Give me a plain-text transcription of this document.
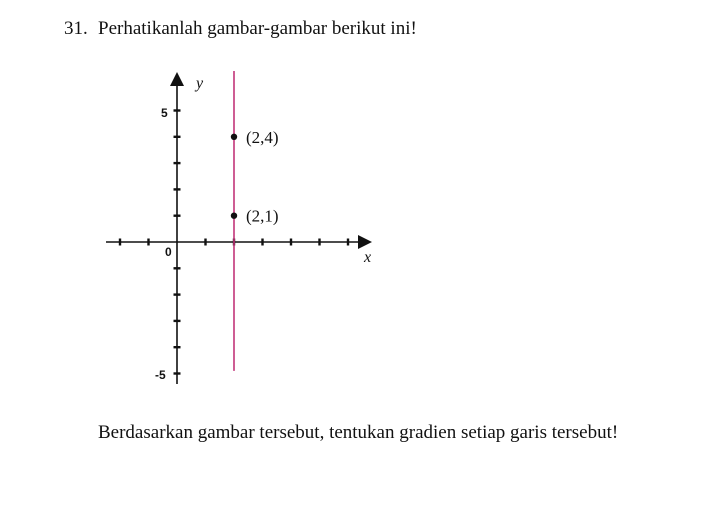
31. Perhatikanlah gambar-gambar berikut ini!
(2,4)
(2,1)
y
x
0
5
-5
Berdasarkan gambar tersebut, tentukan gradien setiap garis tersebut!
